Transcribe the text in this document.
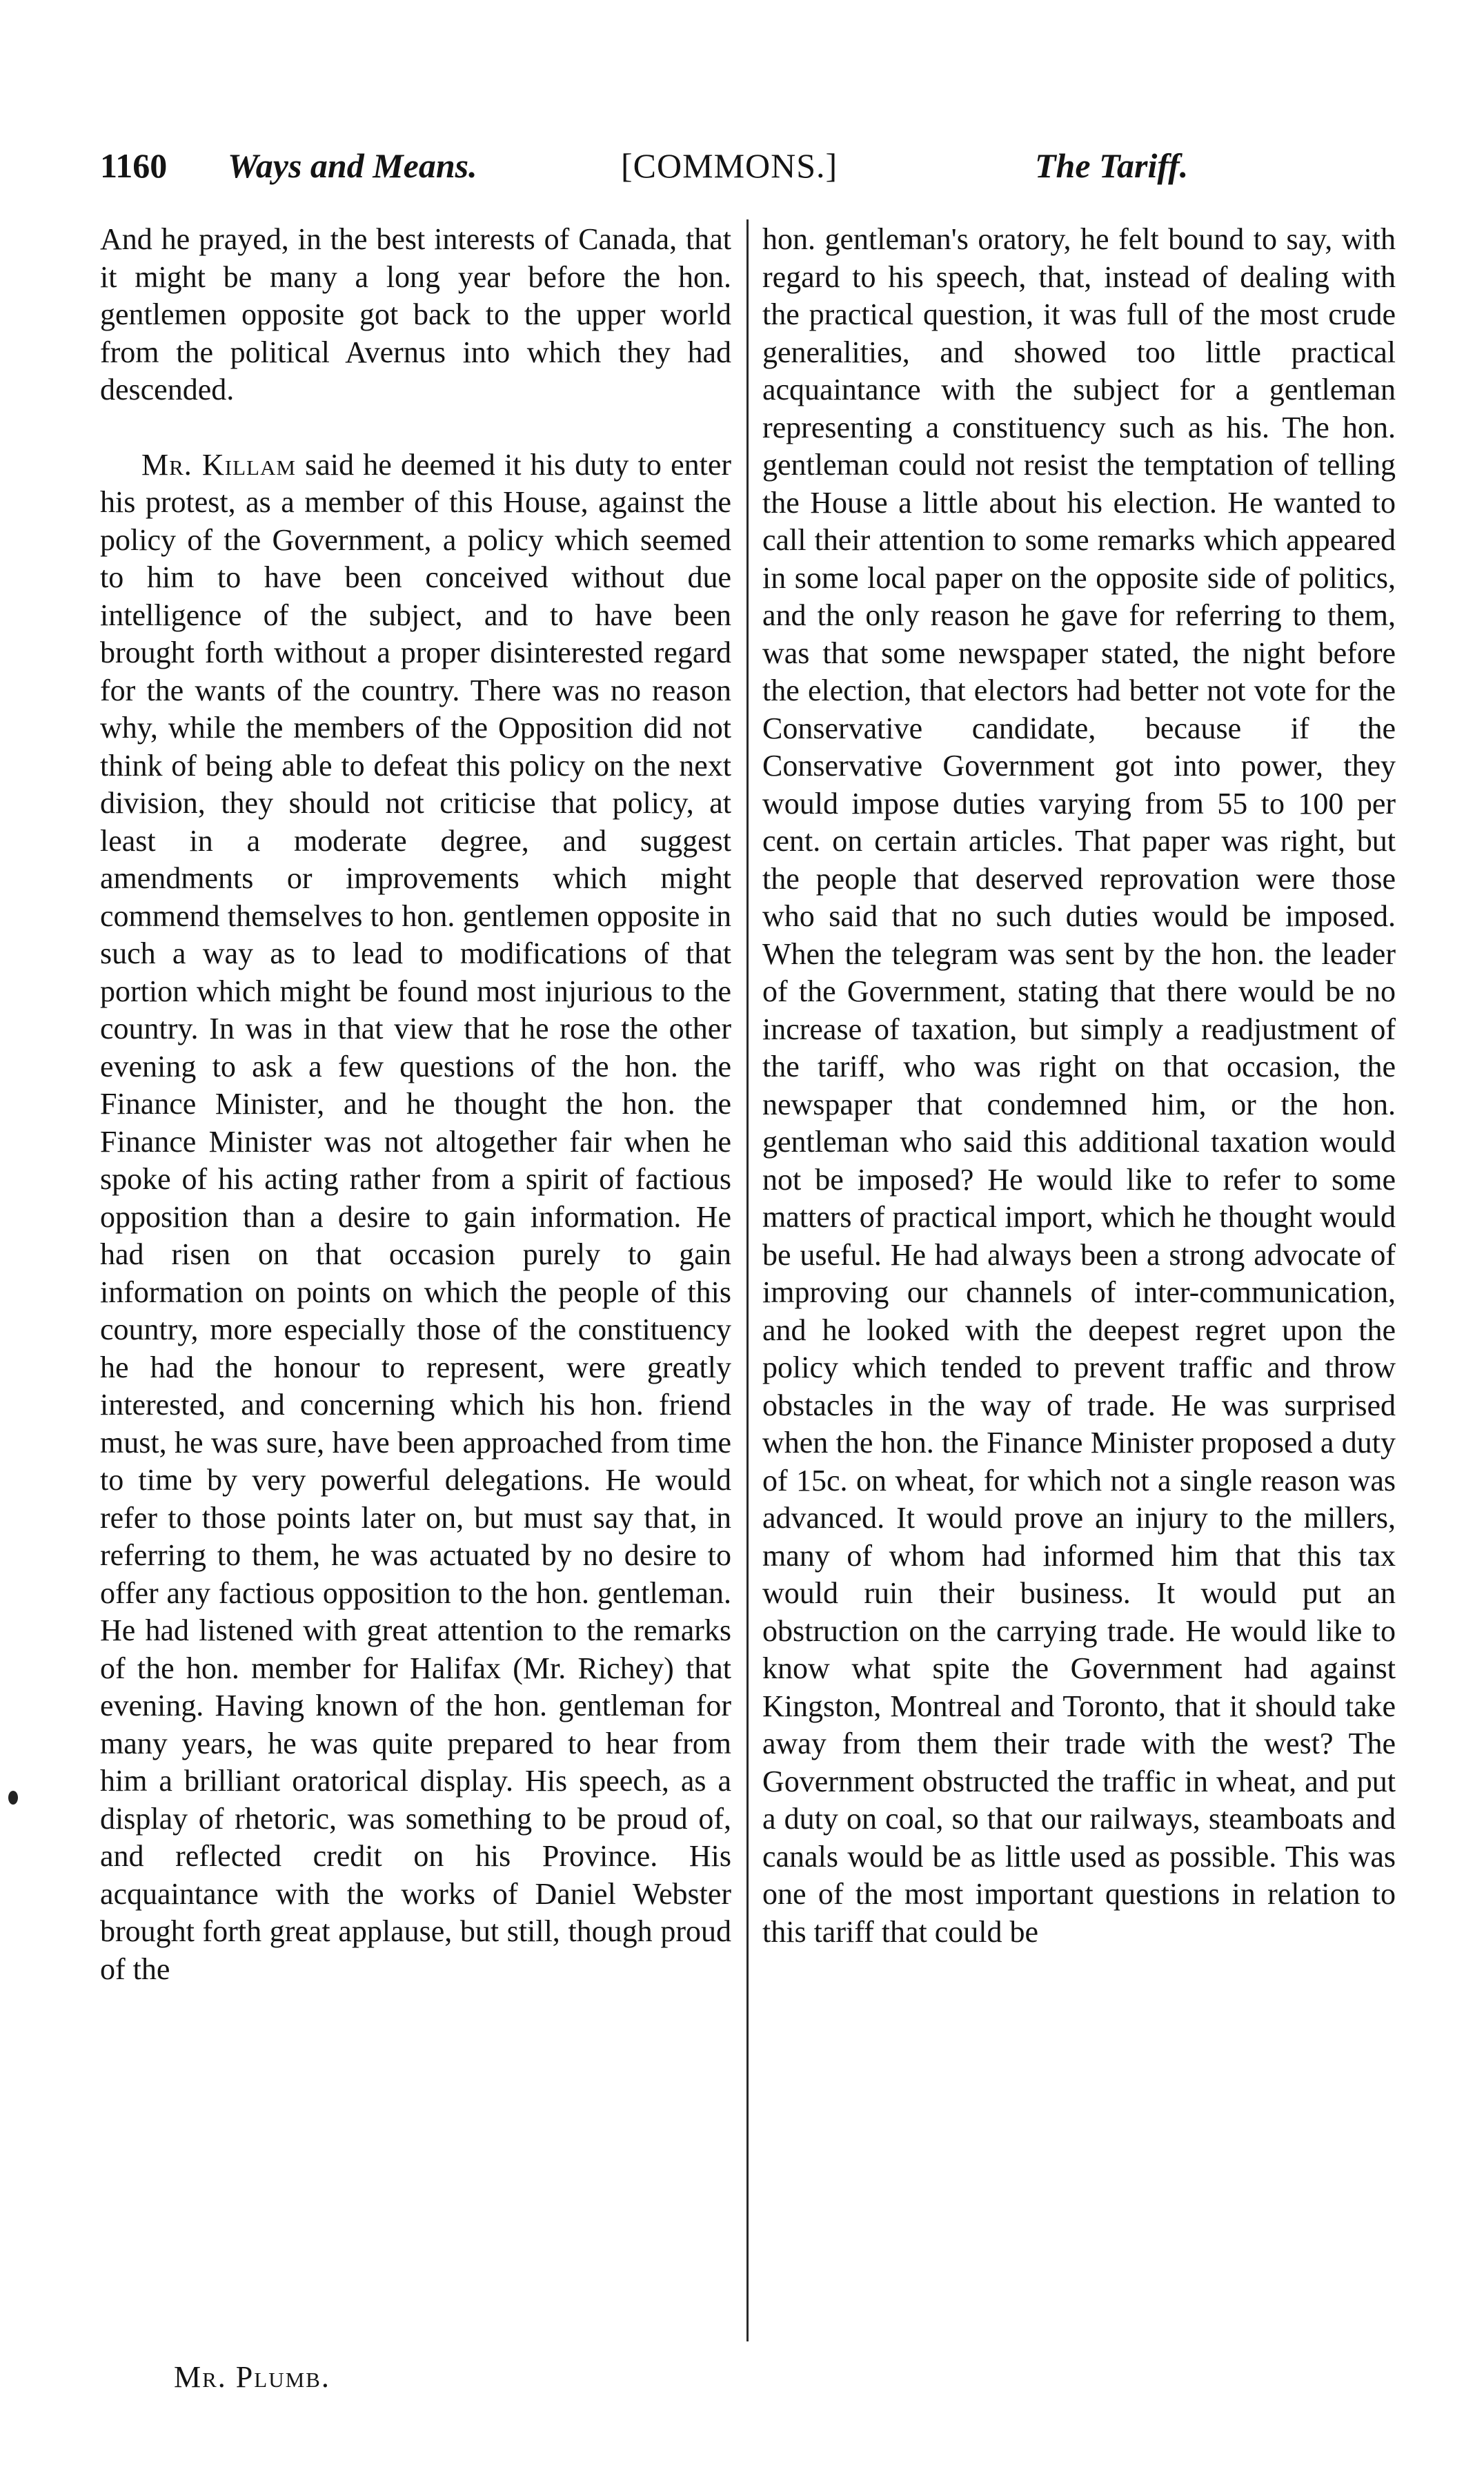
1160 Ways and Means.	[COMMONS.]	The Tariff.

And he prayed, in the best interests of Canada, that it might be many a long year before the hon. gentlemen opposite got back to the upper world from the political Avernus into which they had descended.

Mr. Killam said he deemed it his duty to enter his protest, as a member of this House, against the policy of the Government, a policy which seemed to him to have been conceived without due intelligence of the subject, and to have been brought forth without a proper disinterested regard for the wants of the country. There was no reason why, while the members of the Opposition did not think of being able to defeat this policy on the next division, they should not criticise that policy, at least in a moderate degree, and suggest amendments or improvements which might commend themselves to hon. gentlemen opposite in such a way as to lead to modifications of that portion which might be found most injurious to the country. In was in that view that he rose the other evening to ask a few questions of the hon. the Finance Minister, and he thought the hon. the Finance Minister was not altogether fair when he spoke of his acting rather from a spirit of factious opposition than a desire to gain information. He had risen on that occasion purely to gain information on points on which the people of this country, more especially those of the constituency he had the honour to represent, were greatly interested, and concerning which his hon. friend must, he was sure, have been approached from time to time by very powerful delegations. He would refer to those points later on, but must say that, in referring to them, he was actuated by no desire to offer any factious opposition to the hon. gentleman. He had listened with great attention to the remarks of the hon. member for Halifax (Mr. Richey) that evening. Having known of the hon. gentleman for many years, he was quite prepared to hear from him a brilliant oratorical display. His speech, as a display of rhetoric, was something to be proud of, and reflected credit on his Province. His acquaintance with the works of Daniel Webster brought forth great applause, but still, though proud of the

hon. gentleman's oratory, he felt bound to say, with regard to his speech, that, instead of dealing with the practical question, it was full of the most crude generalities, and showed too little practical acquaintance with the subject for a gentleman representing a constituency such as his. The hon. gentleman could not resist the temptation of telling the House a little about his election. He wanted to call their attention to some remarks which appeared in some local paper on the opposite side of politics, and the only reason he gave for referring to them, was that some newspaper stated, the night before the election, that electors had better not vote for the Conservative candidate, because if the Conservative Government got into power, they would impose duties varying from 55 to 100 per cent. on certain articles. That paper was right, but the people that deserved reprovation were those who said that no such duties would be imposed. When the telegram was sent by the hon. the leader of the Government, stating that there would be no increase of taxation, but simply a readjustment of the tariff, who was right on that occasion, the newspaper that condemned him, or the hon. gentleman who said this additional taxation would not be imposed? He would like to refer to some matters of practical import, which he thought would be useful. He had always been a strong advocate of improving our channels of inter-communication, and he looked with the deepest regret upon the policy which tended to prevent traffic and throw obstacles in the way of trade. He was surprised when the hon. the Finance Minister proposed a duty of 15c. on wheat, for which not a single reason was advanced. It would prove an injury to the millers, many of whom had informed him that this tax would ruin their business. It would put an obstruction on the carrying trade. He would like to know what spite the Government had against Kingston, Montreal and Toronto, that it should take away from them their trade with the west? The Government obstructed the traffic in wheat, and put a duty on coal, so that our railways, steamboats and canals would be as little used as possible. This was one of the most important questions in relation to this tariff that could be

Mr. Plumb.
